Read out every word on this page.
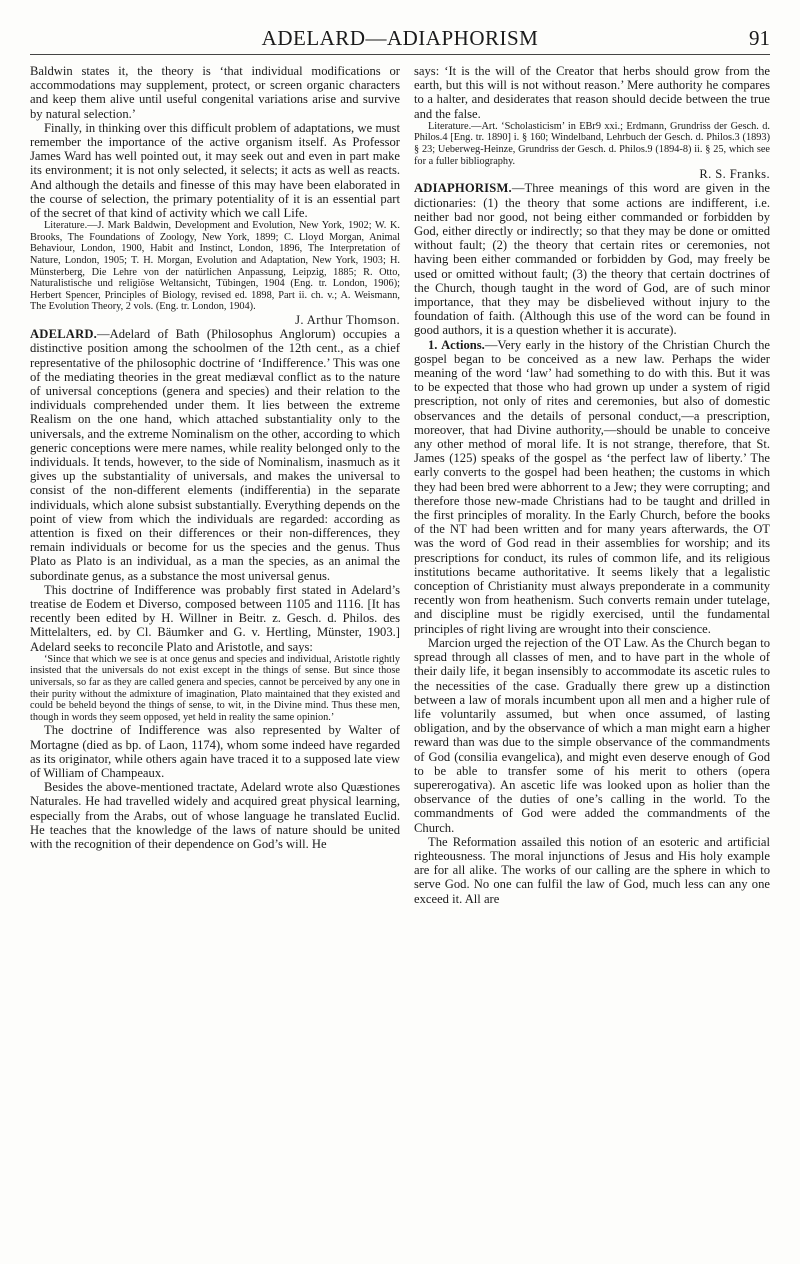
ADELARD—ADIAPHORISM	91

Baldwin states it, the theory is ‘that individual modifications or accommodations may supplement, protect, or screen organic characters and keep them alive until useful congenital variations arise and survive by natural selection.’

Finally, in thinking over this difficult problem of adaptations, we must remember the importance of the active organism itself. As Professor James Ward has well pointed out, it may seek out and even in part make its environment; it is not only selected, it selects; it acts as well as reacts. And although the details and finesse of this may have been elaborated in the course of selection, the primary potentiality of it is an essential part of the secret of that kind of activity which we call Life.

Literature.—J. Mark Baldwin, Development and Evolution, New York, 1902; W. K. Brooks, The Foundations of Zoology, New York, 1899; C. Lloyd Morgan, Animal Behaviour, London, 1900, Habit and Instinct, London, 1896, The Interpretation of Nature, London, 1905; T. H. Morgan, Evolution and Adaptation, New York, 1903; H. Münsterberg, Die Lehre von der natürlichen Anpassung, Leipzig, 1885; R. Otto, Naturalistische und religiöse Weltansicht, Tübingen, 1904 (Eng. tr. London, 1906); Herbert Spencer, Principles of Biology, revised ed. 1898, Part ii. ch. v.; A. Weismann, The Evolution Theory, 2 vols. (Eng. tr. London, 1904).

J. Arthur Thomson.

ADELARD.—Adelard of Bath (Philosophus Anglorum) occupies a distinctive position among the schoolmen of the 12th cent., as a chief representative of the philosophic doctrine of ‘Indifference.’ This was one of the mediating theories in the great mediæval conflict as to the nature of universal conceptions (genera and species) and their relation to the individuals comprehended under them. It lies between the extreme Realism on the one hand, which attached substantiality only to the universals, and the extreme Nominalism on the other, according to which generic conceptions were mere names, while reality belonged only to the individuals. It tends, however, to the side of Nominalism, inasmuch as it gives up the substantiality of universals, and makes the universal to consist of the non-different elements (indifferentia) in the separate individuals, which alone subsist substantially. Everything depends on the point of view from which the individuals are regarded: according as attention is fixed on their differences or their non-differences, they remain individuals or become for us the species and the genus. Thus Plato as Plato is an individual, as a man the species, as an animal the subordinate genus, as a substance the most universal genus.

This doctrine of Indifference was probably first stated in Adelard’s treatise de Eodem et Diverso, composed between 1105 and 1116. [It has recently been edited by H. Willner in Beitr. z. Gesch. d. Philos. des Mittelalters, ed. by Cl. Bäumker and G. v. Hertling, Münster, 1903.] Adelard seeks to reconcile Plato and Aristotle, and says:

‘Since that which we see is at once genus and species and individual, Aristotle rightly insisted that the universals do not exist except in the things of sense. But since those universals, so far as they are called genera and species, cannot be perceived by any one in their purity without the admixture of imagination, Plato maintained that they existed and could be beheld beyond the things of sense, to wit, in the Divine mind. Thus these men, though in words they seem opposed, yet held in reality the same opinion.’

The doctrine of Indifference was also represented by Walter of Mortagne (died as bp. of Laon, 1174), whom some indeed have regarded as its originator, while others again have traced it to a supposed late view of William of Champeaux.

Besides the above-mentioned tractate, Adelard wrote also Quæstiones Naturales. He had travelled widely and acquired great physical learning, especially from the Arabs, out of whose language he translated Euclid. He teaches that the knowledge of the laws of nature should be united with the recognition of their dependence on God’s will. He

says: ‘It is the will of the Creator that herbs should grow from the earth, but this will is not without reason.’ Mere authority he compares to a halter, and desiderates that reason should decide between the true and the false.

Literature.—Art. ‘Scholasticism’ in EBr9 xxi.; Erdmann, Grundriss der Gesch. d. Philos.4 [Eng. tr. 1890] i. § 160; Windelband, Lehrbuch der Gesch. d. Philos.3 (1893) § 23; Ueberweg-Heinze, Grundriss der Gesch. d. Philos.9 (1894-8) ii. § 25, which see for a fuller bibliography.

R. S. Franks.

ADIAPHORISM.—Three meanings of this word are given in the dictionaries: (1) the theory that some actions are indifferent, i.e. neither bad nor good, not being either commanded or forbidden by God, either directly or indirectly; so that they may be done or omitted without fault; (2) the theory that certain rites or ceremonies, not having been either commanded or forbidden by God, may freely be used or omitted without fault; (3) the theory that certain doctrines of the Church, though taught in the word of God, are of such minor importance, that they may be disbelieved without injury to the foundation of faith. (Although this use of the word can be found in good authors, it is a question whether it is accurate).

1. Actions.—Very early in the history of the Christian Church the gospel began to be conceived as a new law. Perhaps the wider meaning of the word ‘law’ had something to do with this. But it was to be expected that those who had grown up under a system of rigid prescription, not only of rites and ceremonies, but also of domestic observances and the details of personal conduct,—a prescription, moreover, that had Divine authority,—should be unable to conceive any other method of moral life. It is not strange, therefore, that St. James (125) speaks of the gospel as ‘the perfect law of liberty.’ The early converts to the gospel had been heathen; the customs in which they had been bred were abhorrent to a Jew; they were corrupting; and therefore those new-made Christians had to be taught and drilled in the first principles of morality. In the Early Church, before the books of the NT had been written and for many years afterwards, the OT was the word of God read in their assemblies for worship; and its prescriptions for conduct, its rules of common life, and its religious institutions became authoritative. It seems likely that a legalistic conception of Christianity must always preponderate in a community recently won from heathenism. Such converts remain under tutelage, and discipline must be rigidly exercised, until the fundamental principles of right living are wrought into their conscience.

Marcion urged the rejection of the OT Law. As the Church began to spread through all classes of men, and to have part in the whole of their daily life, it began insensibly to accommodate its ascetic rules to the necessities of the case. Gradually there grew up a distinction between a law of morals incumbent upon all men and a higher rule of life voluntarily assumed, but when once assumed, of lasting obligation, and by the observance of which a man might earn a higher reward than was due to the simple observance of the commandments of God (consilia evangelica), and might even deserve enough of God to be able to transfer some of his merit to others (opera supererogativa). An ascetic life was looked upon as holier than the observance of the duties of one’s calling in the world. To the commandments of God were added the commandments of the Church.

The Reformation assailed this notion of an esoteric and artificial righteousness. The moral injunctions of Jesus and His holy example are for all alike. The works of our calling are the sphere in which to serve God. No one can fulfil the law of God, much less can any one exceed it. All are
